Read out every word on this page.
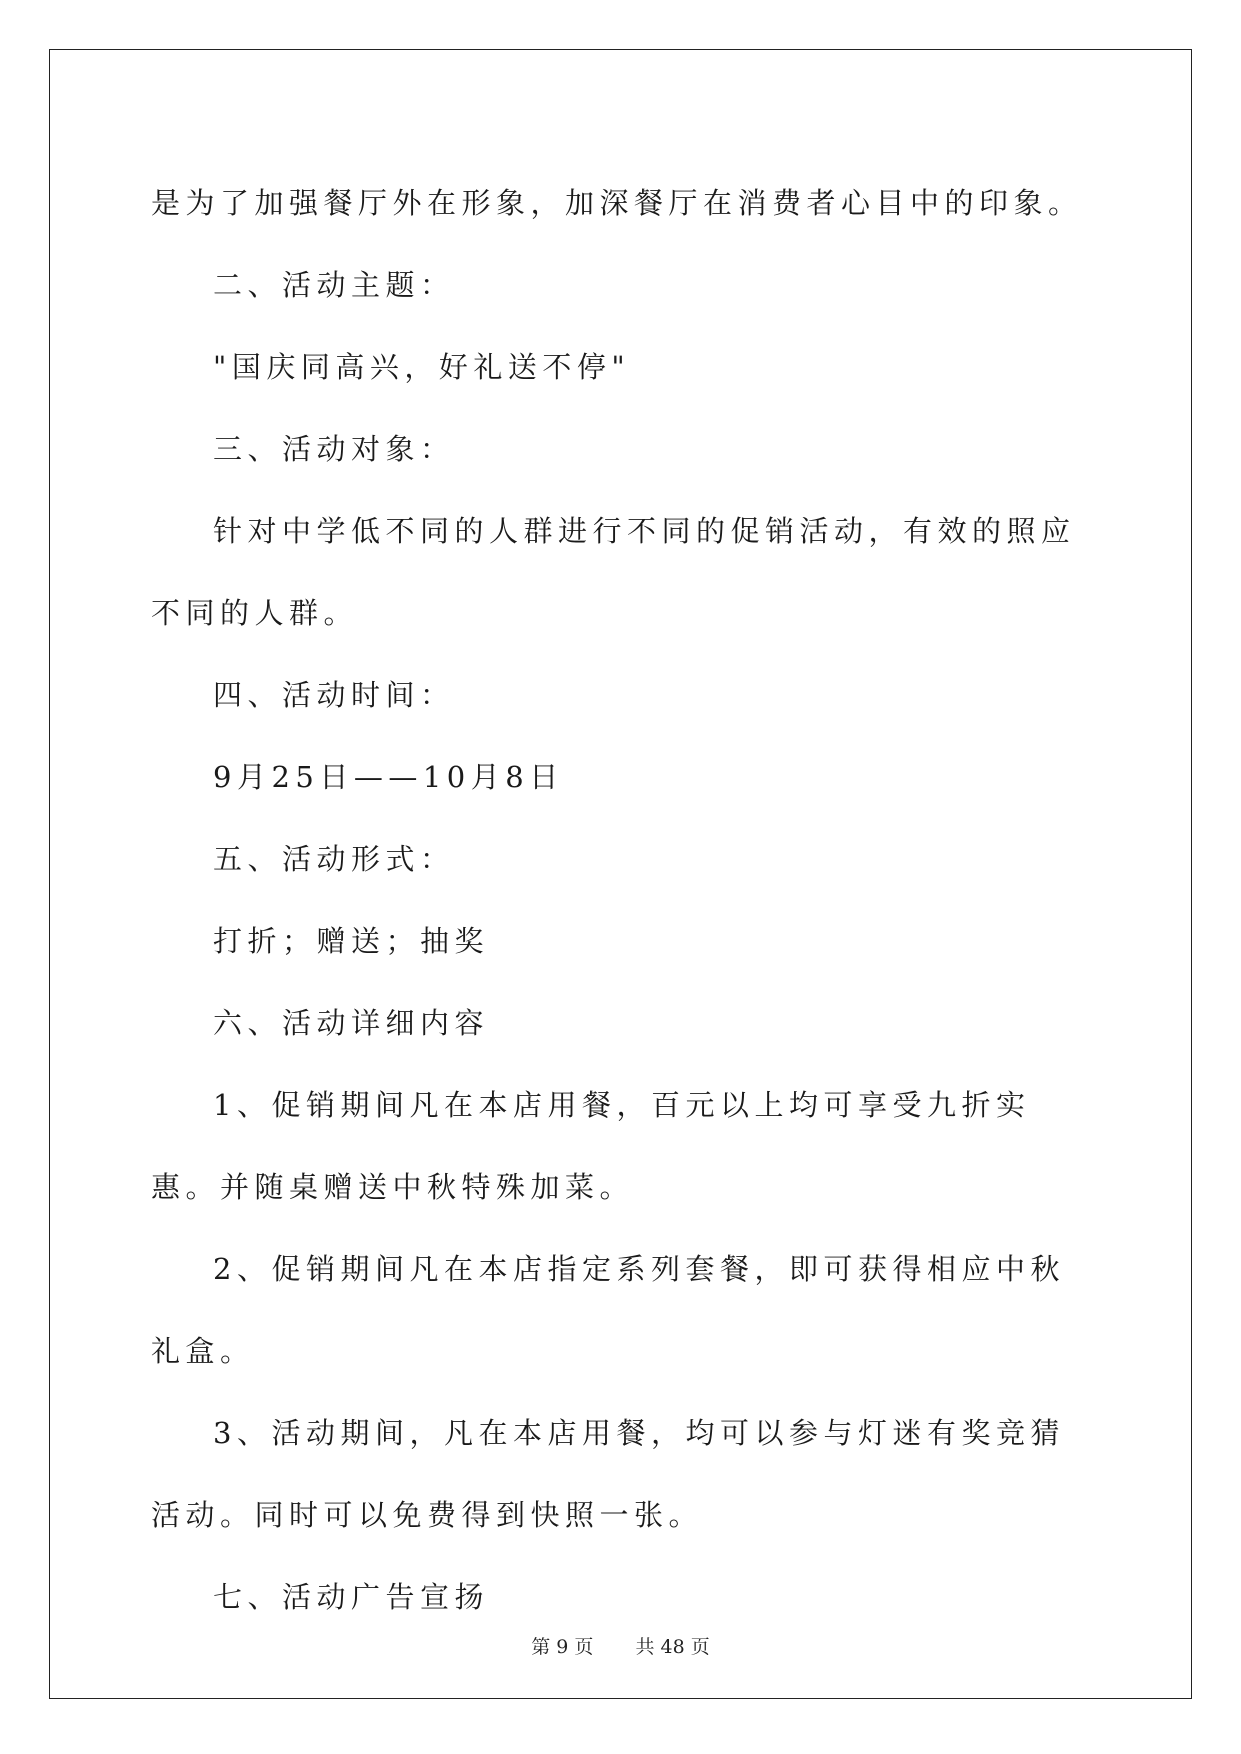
是为了加强餐厅外在形象，加深餐厅在消费者心目中的印象。

二、活动主题：

"国庆同高兴，好礼送不停"

三、活动对象：

针对中学低不同的人群进行不同的促销活动，有效的照应不同的人群。

四、活动时间：

9月25日——10月8日

五、活动形式：

打折；赠送；抽奖

六、活动详细内容

1、促销期间凡在本店用餐，百元以上均可享受九折实惠。并随桌赠送中秋特殊加菜。

2、促销期间凡在本店指定系列套餐，即可获得相应中秋礼盒。

3、活动期间，凡在本店用餐，均可以参与灯迷有奖竞猜活动。同时可以免费得到快照一张。

七、活动广告宣扬

第 9 页 共 48 页
